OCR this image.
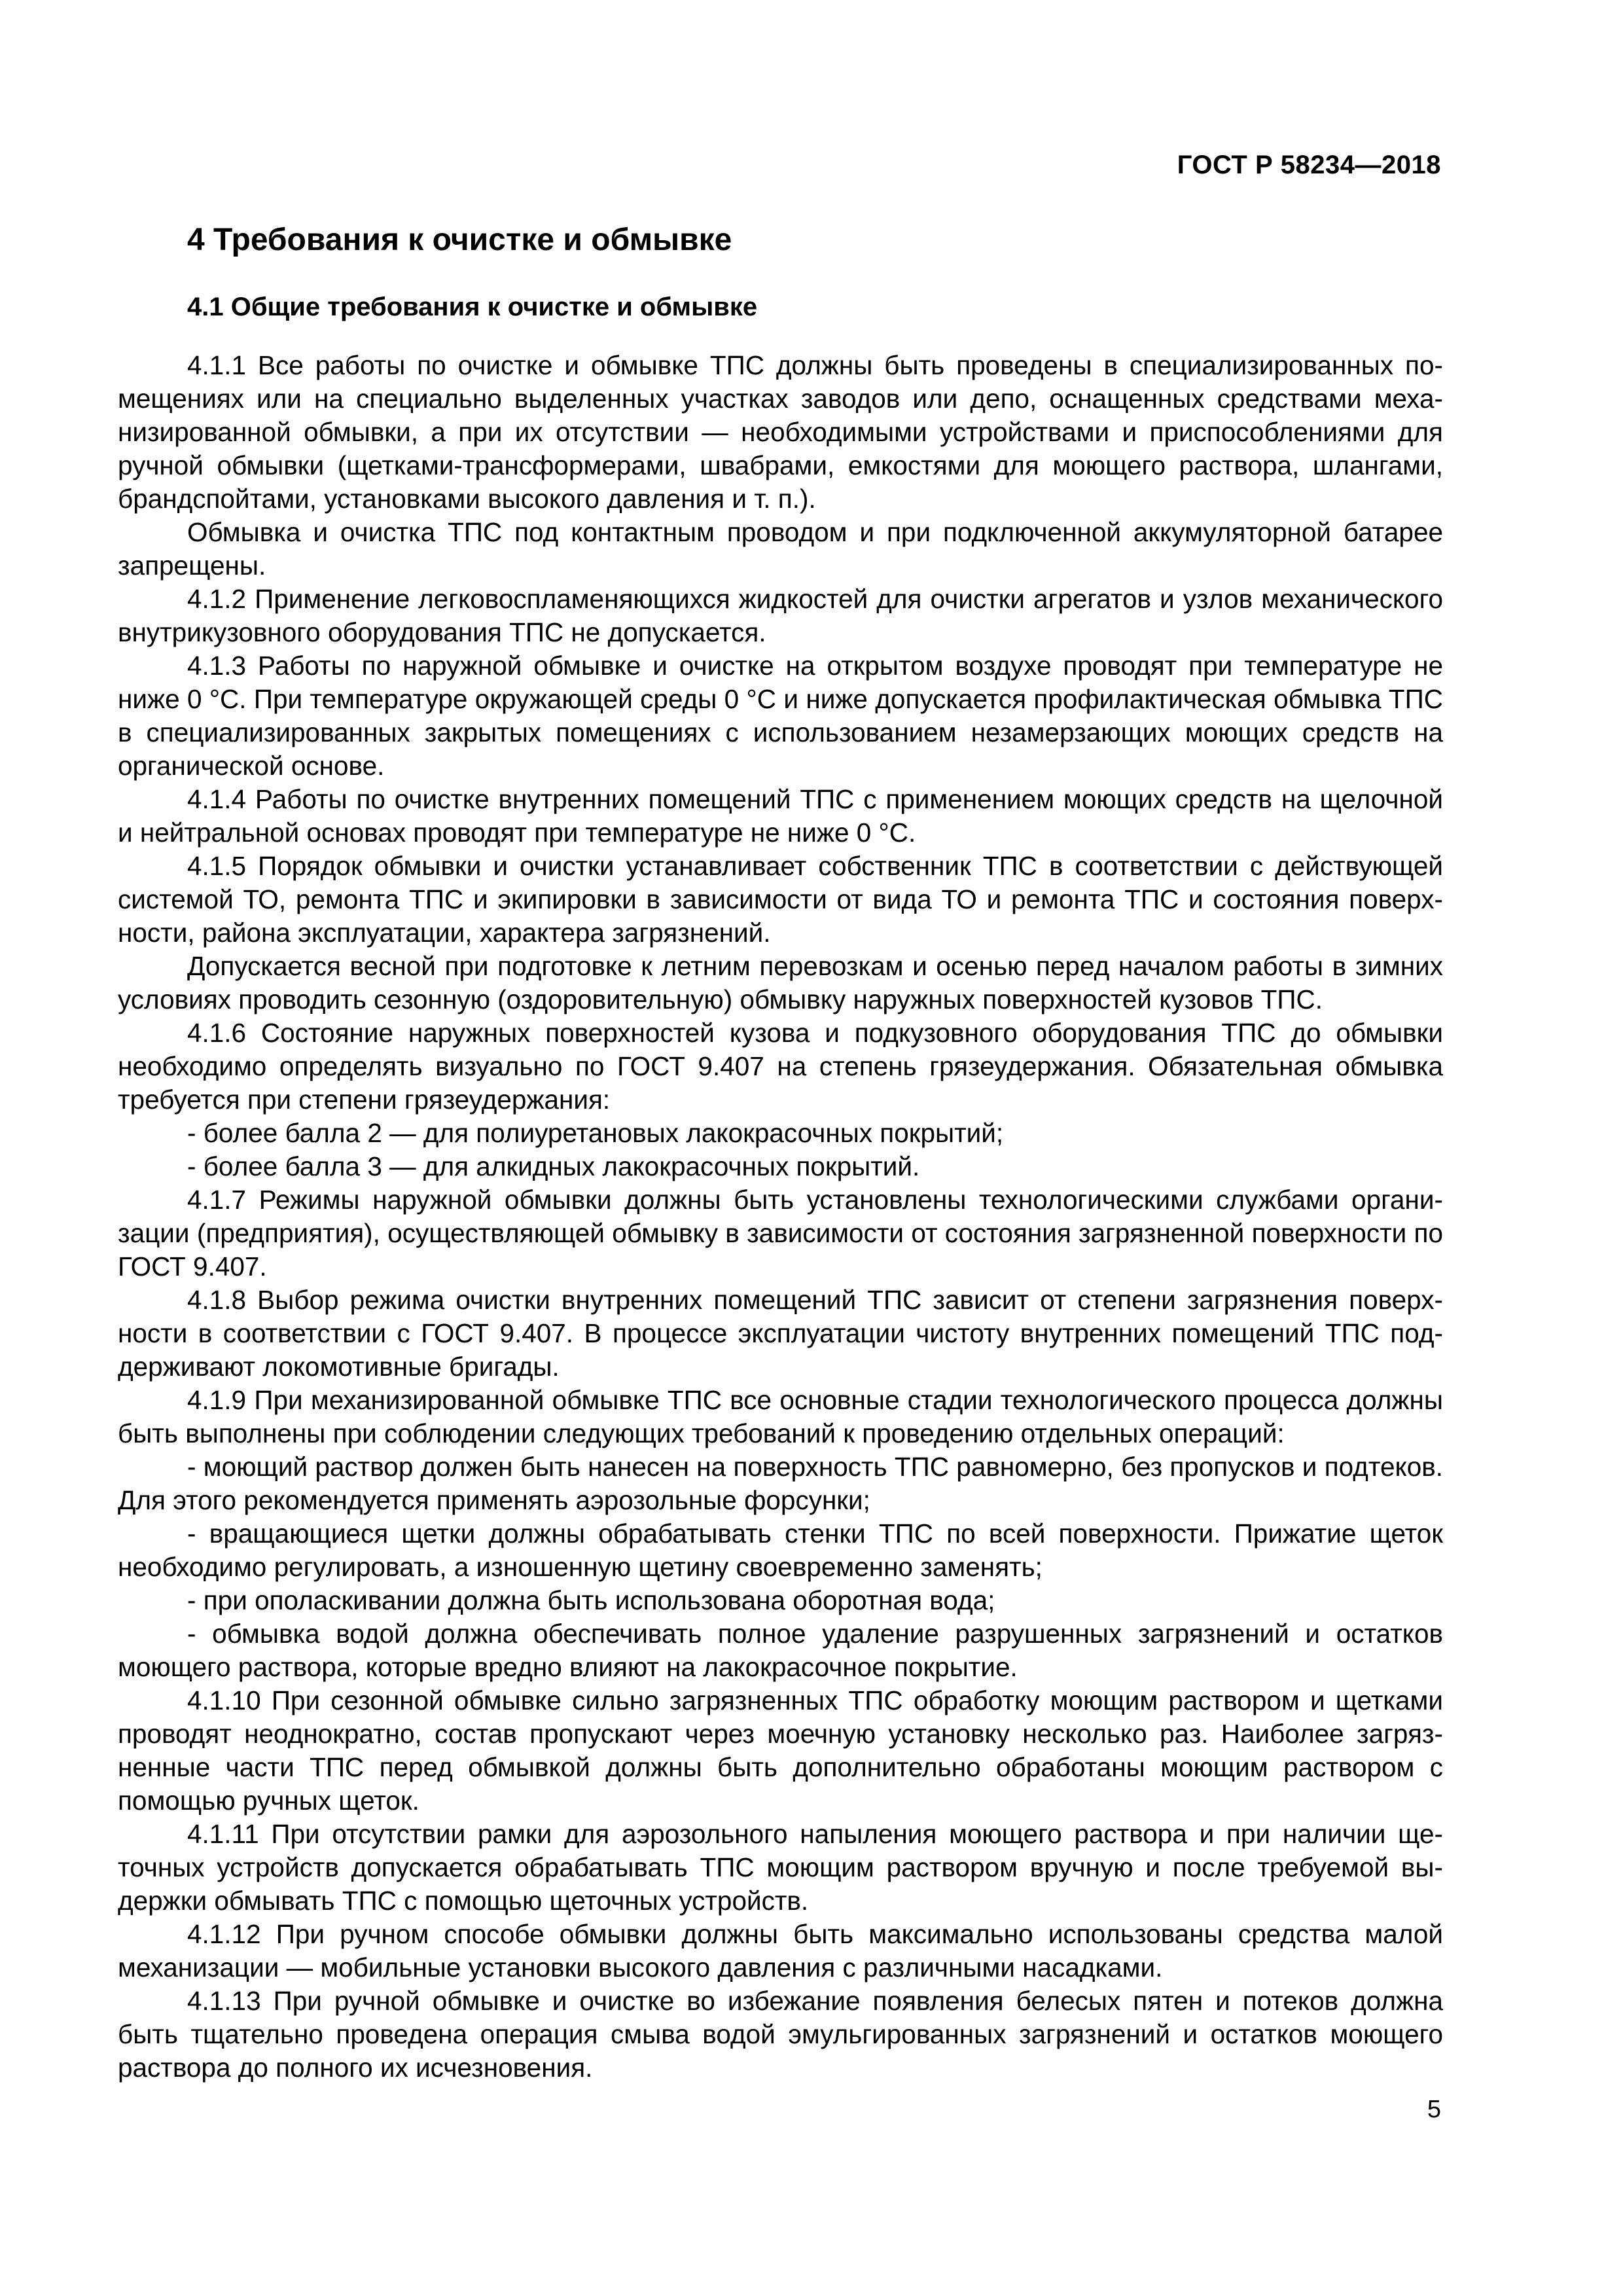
ГОСТ Р 58234—2018
4 Требования к очистке и обмывке
4.1 Общие требования к очистке и обмывке

4.1.1 Все работы по очистке и обмывке ТПС должны быть проведены в специализированных помещениях или на специально выделенных участках заводов или депо, оснащенных средствами механизированной обмывки, а при их отсутствии — необходимыми устройствами и приспособлениями для ручной обмывки (щетками-трансформерами, швабрами, емкостями для моющего раствора, шлангами, брандспойтами, установками высокого давления и т. п.).

Обмывка и очистка ТПС под контактным проводом и при подключенной аккумуляторной батарее запрещены.

4.1.2 Применение легковоспламеняющихся жидкостей для очистки агрегатов и узлов механического внутрикузовного оборудования ТПС не допускается.

4.1.3 Работы по наружной обмывке и очистке на открытом воздухе проводят при температуре не ниже 0 °С. При температуре окружающей среды 0 °С и ниже допускается профилактическая обмывка ТПС в специализированных закрытых помещениях с использованием незамерзающих моющих средств на органической основе.

4.1.4 Работы по очистке внутренних помещений ТПС с применением моющих средств на щелочной и нейтральной основах проводят при температуре не ниже 0 °С.

4.1.5 Порядок обмывки и очистки устанавливает собственник ТПС в соответствии с действующей системой ТО, ремонта ТПС и экипировки в зависимости от вида ТО и ремонта ТПС и состояния поверхности, района эксплуатации, характера загрязнений.

Допускается весной при подготовке к летним перевозкам и осенью перед началом работы в зимних условиях проводить сезонную (оздоровительную) обмывку наружных поверхностей кузовов ТПС.

4.1.6 Состояние наружных поверхностей кузова и подкузовного оборудования ТПС до обмывки необходимо определять визуально по ГОСТ 9.407 на степень грязеудержания. Обязательная обмывка требуется при степени грязеудержания:

- более балла 2 — для полиуретановых лакокрасочных покрытий;

- более балла 3 — для алкидных лакокрасочных покрытий.

4.1.7 Режимы наружной обмывки должны быть установлены технологическими службами организации (предприятия), осуществляющей обмывку в зависимости от состояния загрязненной поверхности по ГОСТ 9.407.

4.1.8 Выбор режима очистки внутренних помещений ТПС зависит от степени загрязнения поверхности в соответствии с ГОСТ 9.407. В процессе эксплуатации чистоту внутренних помещений ТПС поддерживают локомотивные бригады.

4.1.9 При механизированной обмывке ТПС все основные стадии технологического процесса должны быть выполнены при соблюдении следующих требований к проведению отдельных операций:

- моющий раствор должен быть нанесен на поверхность ТПС равномерно, без пропусков и подтеков. Для этого рекомендуется применять аэрозольные форсунки;

- вращающиеся щетки должны обрабатывать стенки ТПС по всей поверхности. Прижатие щеток необходимо регулировать, а изношенную щетину своевременно заменять;

- при ополаскивании должна быть использована оборотная вода;

- обмывка водой должна обеспечивать полное удаление разрушенных загрязнений и остатков моющего раствора, которые вредно влияют на лакокрасочное покрытие.

4.1.10 При сезонной обмывке сильно загрязненных ТПС обработку моющим раствором и щетками проводят неоднократно, состав пропускают через моечную установку несколько раз. Наиболее загрязненные части ТПС перед обмывкой должны быть дополнительно обработаны моющим раствором с помощью ручных щеток.

4.1.11 При отсутствии рамки для аэрозольного напыления моющего раствора и при наличии щеточных устройств допускается обрабатывать ТПС моющим раствором вручную и после требуемой выдержки обмывать ТПС с помощью щеточных устройств.

4.1.12 При ручном способе обмывки должны быть максимально использованы средства малой механизации — мобильные установки высокого давления с различными насадками.

4.1.13 При ручной обмывке и очистке во избежание появления белесых пятен и потеков должна быть тщательно проведена операция смыва водой эмульгированных загрязнений и остатков моющего раствора до полного их исчезновения.

5
